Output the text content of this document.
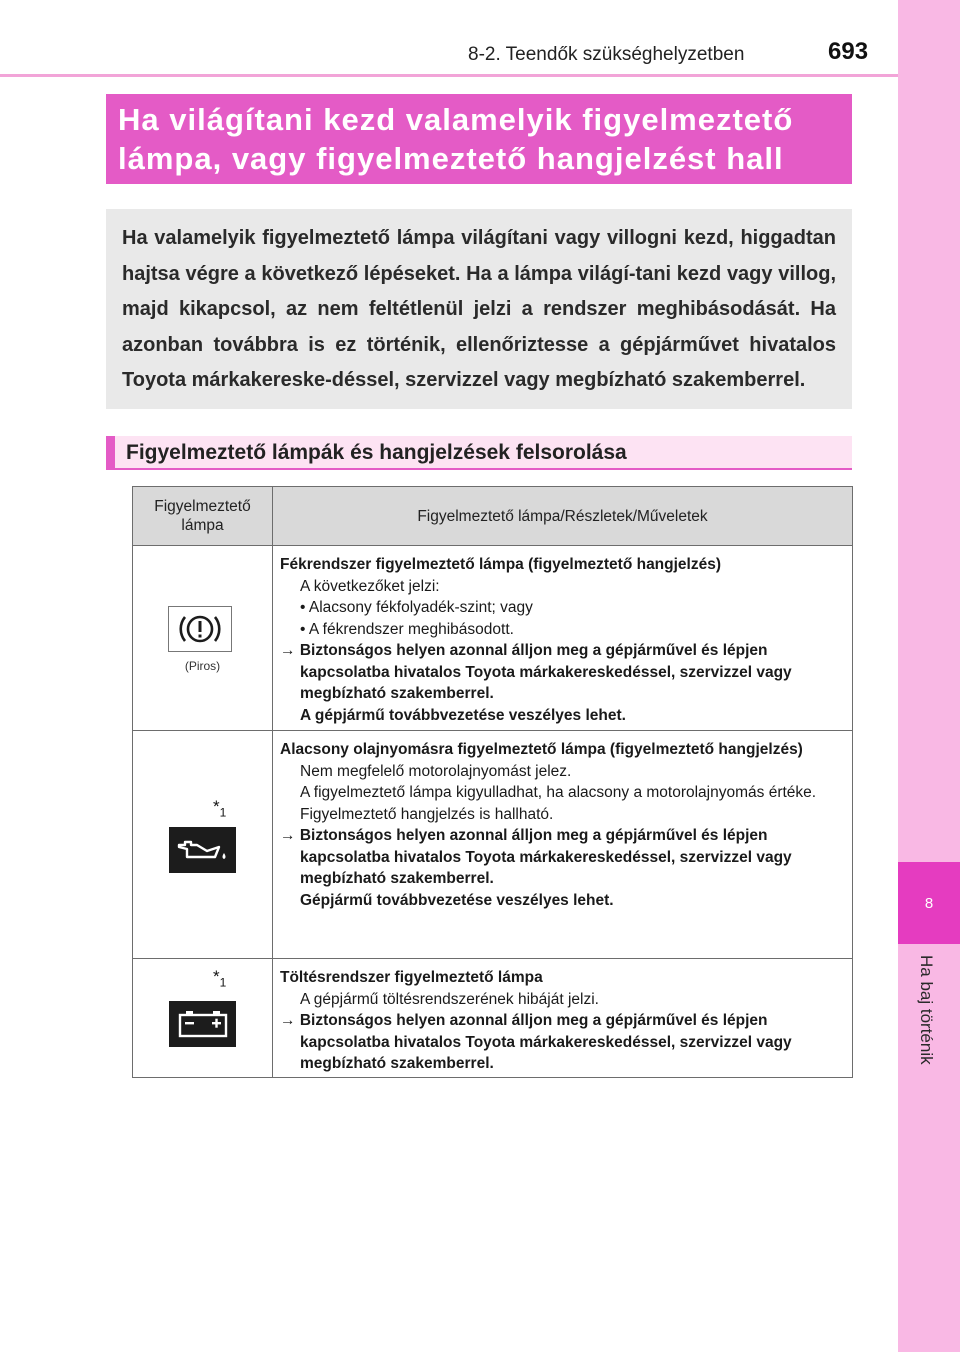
8
Ha baj történik
8-2. Teendők szükséghelyzetben	693
Ha világítani kezd valamelyik figyelmeztető
lámpa, vagy figyelmeztető hangjelzést hall

Ha valamelyik figyelmeztető lámpa világítani vagy villogni kezd, higgadtan hajtsa végre a következő lépéseket. Ha a lámpa világí-tani kezd vagy villog, majd kikapcsol, az nem feltétlenül jelzi a rendszer meghibásodását. Ha azonban továbbra is ez történik, ellenőriztesse a gépjárművet hivatalos Toyota márkakereske-déssel, szervizzel vagy megbízható szakemberrel.

Figyelmeztető lámpák és hangjelzések felsorolása
Figyelmeztető lámpa
Figyelmeztető lámpa/Részletek/Műveletek
(Piros)
Fékrendszer figyelmeztető lámpa (figyelmeztető hangjelzés)
A következőket jelzi:
• Alacsony fékfolyadék-szint; vagy
• A fékrendszer meghibásodott.
→ Biztonságos helyen azonnal álljon meg a gépjárművel és lépjen kapcsolatba hivatalos Toyota márkakereskedéssel, szervizzel vagy megbízható szakemberrel.
A gépjármű továbbvezetése veszélyes lehet.
$*_1$
Alacsony olajnyomásra figyelmeztető lámpa (figyelmeztető hangjelzés)
Nem megfelelő motorolajnyomást jelez.
A figyelmeztető lámpa kigyulladhat, ha alacsony a motorolajnyomás értéke.
Figyelmeztető hangjelzés is hallható.
→ Biztonságos helyen azonnal álljon meg a gépjárművel és lépjen kapcsolatba hivatalos Toyota márkakereskedéssel, szervizzel vagy megbízható szakemberrel.
Gépjármű továbbvezetése veszélyes lehet.
$*_1$	Töltésrendszer figyelmeztető lámpa
A gépjármű töltésrendszerének hibáját jelzi.
→ Biztonságos helyen azonnal álljon meg a gépjárművel és lépjen kapcsolatba hivatalos Toyota márkakereskedéssel, szervizzel vagy megbízható szakemberrel.
